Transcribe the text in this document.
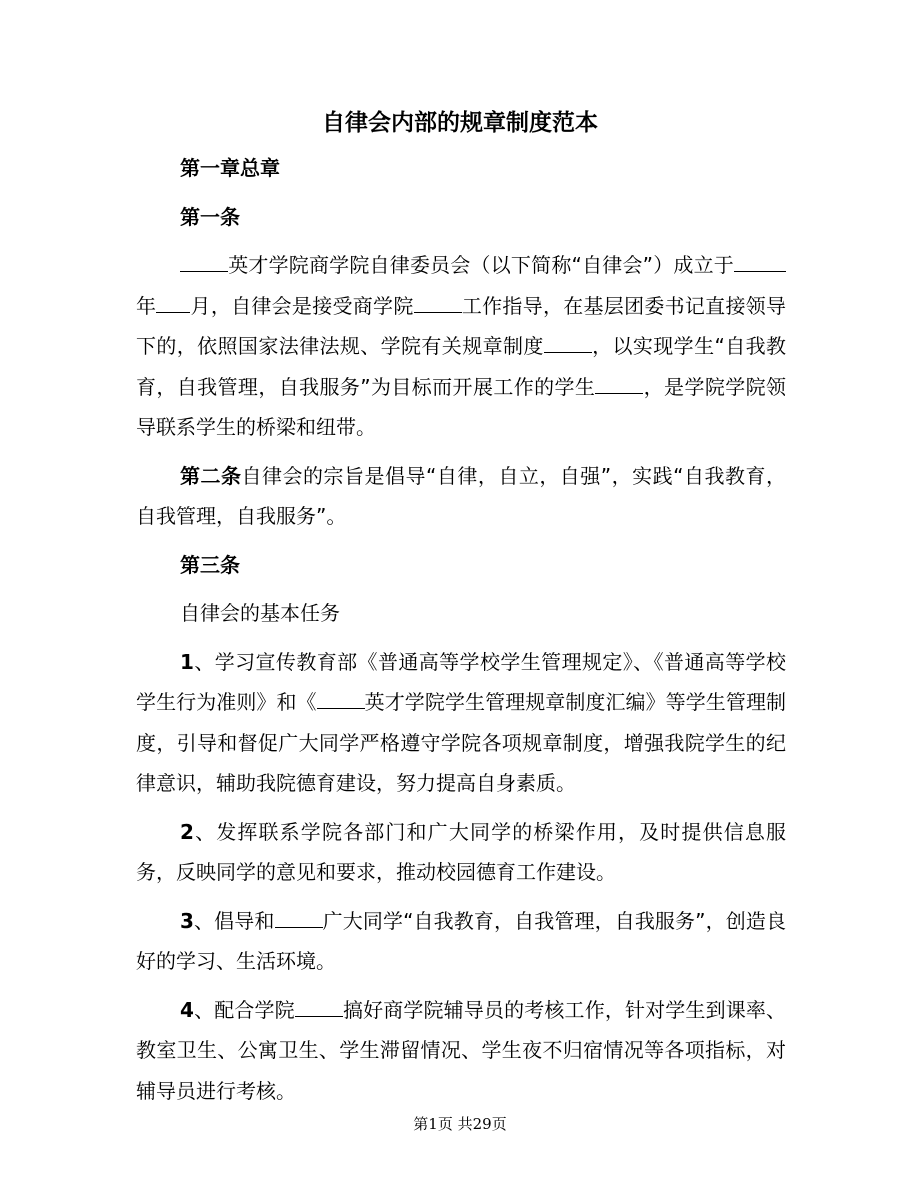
自律会内部的规章制度范本

第一章总章

第一条

英才学院商学院自律委员会（以下简称“自律会”）成立于年 月，自律会是接受商学院 工作指导，在基层团委书记直接领导下的，依照国家法律法规、学院有关规章制度 ，以实现学生“自我教育，自我管理，自我服务”为目标而开展工作的学生 ，是学院学院领导联系学生的桥梁和纽带。

第二条自律会的宗旨是倡导“自律，自立，自强”，实践“自我教育，自我管理，自我服务”。

第三条

自律会的基本任务

1、学习宣传教育部《普通高等学校学生管理规定》、《普通高等学校学生行为准则》和《 英才学院学生管理规章制度汇编》等学生管理制度，引导和督促广大同学严格遵守学院各项规章制度，增强我院学生的纪律意识，辅助我院德育建设，努力提高自身素质。

2、发挥联系学院各部门和广大同学的桥梁作用，及时提供信息服务，反映同学的意见和要求，推动校园德育工作建设。

3、倡导和 广大同学“自我教育，自我管理，自我服务”，创造良好的学习、生活环境。

4、配合学院 搞好商学院辅导员的考核工作，针对学生到课率、教室卫生、公寓卫生、学生滞留情况、学生夜不归宿情况等各项指标，对辅导员进行考核。

第1页 共29页
